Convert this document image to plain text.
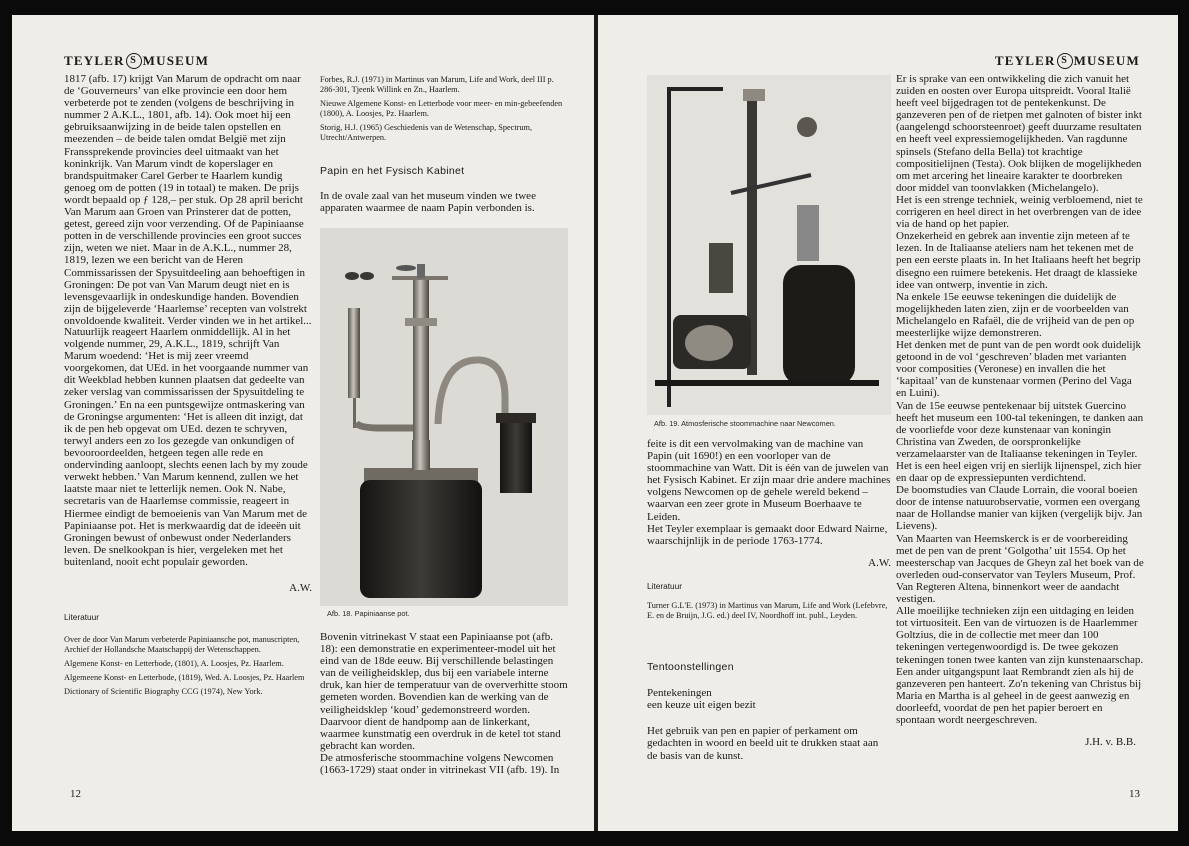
TEYLER S MUSEUM

1817 (afb. 17) krijgt Van Marum de opdracht om naar de ‘Gouverneurs’ van elke provincie een door hem verbeterde pot te zenden (volgens de beschrijving in nummer 2 A.K.L., 1801, afb. 14). Ook moet hij een gebruiksaanwijzing in de beide talen opstellen en meezenden – de beide talen omdat België met zijn Franssprekende provincies deel uitmaakt van het koninkrijk. Van Marum vindt de koperslager en brandspuitmaker Carel Gerber te Haarlem kundig genoeg om de potten (19 in totaal) te maken. De prijs wordt bepaald op ƒ 128,– per stuk. Op 28 april bericht Van Marum aan Groen van Prinsterer dat de potten, getest, gereed zijn voor verzending. Of de Papiniaanse potten in de verschillende provincies een groot succes zijn, weten we niet. Maar in de A.K.L., nummer 28, 1819, lezen we een bericht van de Heren Commissarissen der Spysuitdeeling aan behoeftigen in Groningen: De pot van Van Marum deugt niet en is levensgevaarlijk in ondeskundige handen. Bovendien zijn de bijgeleverde ‘Haarlemse’ recepten van volstrekt onvoldoende kwaliteit. Verder vinden we in het artikel...

Natuurlijk reageert Haarlem onmiddellijk. Al in het volgende nummer, 29, A.K.L., 1819, schrijft Van Marum woedend: ‘Het is mij zeer vreemd voorgekomen, dat UEd. in het voorgaande nummer van dit Weekblad hebben kunnen plaatsen dat gedeelte van zeker verslag van commissarissen der Spysuitdeling te Groningen.’ En na een puntsgewijze ontmaskering van de Groningse argumenten: ‘Het is alleen dit inzigt, dat ik de pen heb opgevat om UEd. dezen te schryven, terwyl anders een zo los gezegde van onkundigen of bevooroordeelden, hetgeen tegen alle rede en ondervinding aanloopt, slechts eenen lach by my zoude verwekt hebben.’ Van Marum kennend, zullen we het laatste maar niet te letterlijk nemen. Ook N. Nabe, secretaris van de Haarlemse commissie, reageert in

Hiermee eindigt de bemoeienis van Van Marum met de Papiniaanse pot. Het is merkwaardig dat de ideeën uit Groningen bewust of onbewust onder Nederlanders leven. De snelkookpan is hier, vergeleken met het buitenland, nooit echt populair geworden.

A.W.

Literatuur

Over de door Van Marum verbeterde Papiniaansche pot, manuscripten, Archief der Hollandsche Maatschappij der Wetenschappen.

Algemene Konst- en Letterbode, (1801), A. Loosjes, Pz. Haarlem.

Algemeene Konst- en Letterbode, (1819), Wed. A. Loosjes, Pz. Haarlem

Dictionary of Scientific Biography CCG (1974), New York.

Forbes, R.J. (1971) in Martinus van Marum, Life and Work, deel III p. 286-301, Tjeenk Willink en Zn., Haarlem.

Nieuwe Algemene Konst- en Letterbode voor meer- en min-gebeefenden (1800), A. Loosjes, Pz. Haarlem.

Storig, H.J. (1965) Geschiedenis van de Wetenschap, Spectrum, Utrecht/Antwerpen.

Papin en het Fysisch Kabinet

In de ovale zaal van het museum vinden we twee apparaten waarmee de naam Papin verbonden is.

Afb. 18. Papiniaanse pot.

Bovenin vitrinekast V staat een Papiniaanse pot (afb. 18): een demonstratie en experimenteer-model uit het eind van de 18de eeuw. Bij verschillende belastingen van de veiligheidsklep, dus bij een variabele interne druk, kan hier de temperatuur van de oververhitte stoom gemeten worden. Bovendien kan de werking van de veiligheidsklep ‘koud’ gedemonstreerd worden. Daarvoor dient de handpomp aan de linkerkant, waarmee kunstmatig een overdruk in de ketel tot stand gebracht kan worden.

De atmosferische stoommachine volgens Newcomen (1663-1729) staat onder in vitrinekast VII (afb. 19). In

12
TEYLER S MUSEUM
Afb. 19. Atmosferische stoommachine naar Newcomen.

feite is dit een vervolmaking van de machine van Papin (uit 1690!) en een voorloper van de stoommachine van Watt. Dit is één van de juwelen van het Fysisch Kabinet. Er zijn maar drie andere machines volgens Newcomen op de gehele wereld bekend – waarvan een zeer grote in Museum Boerhaave te Leiden.

Het Teyler exemplaar is gemaakt door Edward Nairne, waarschijnlijk in de periode 1763-1774.

A.W.

Literatuur

Turner G.L'E. (1973) in Martinus van Marum, Life and Work (Lefebvre, E. en de Bruijn, J.G. ed.) deel IV, Noordhoff int. publ., Leyden.

Tentoonstellingen

Pentekeningen

een keuze uit eigen bezit

Het gebruik van pen en papier of perkament om gedachten in woord en beeld uit te drukken staat aan de basis van de kunst.

Er is sprake van een ontwikkeling die zich vanuit het zuiden en oosten over Europa uitspreidt. Vooral Italië heeft veel bijgedragen tot de pentekenkunst. De ganzeveren pen of de rietpen met galnoten of bister inkt (aangelengd schoorsteenroet) geeft duurzame resultaten en heeft veel expressiemogelijkheden. Van ragdunne spinsels (Stefano della Bella) tot krachtige compositielijnen (Testa). Ook blijken de mogelijkheden om met arcering het lineaire karakter te doorbreken door middel van toonvlakken (Michelangelo).

Het is een strenge techniek, weinig verbloemend, niet te corrigeren en heel direct in het overbrengen van de idee via de hand op het papier.

Onzekerheid en gebrek aan inventie zijn meteen af te lezen. In de Italiaanse ateliers nam het tekenen met de pen een eerste plaats in. In het Italiaans heeft het begrip disegno een ruimere betekenis. Het draagt de klassieke idee van ontwerp, inventie in zich.

Na enkele 15e eeuwse tekeningen die duidelijk de mogelijkheden laten zien, zijn er de voorbeelden van Michelangelo en Rafaël, die de vrijheid van de pen op meesterlijke wijze demonstreren.

Het denken met de punt van de pen wordt ook duidelijk getoond in de vol ‘geschreven’ bladen met varianten voor composities (Veronese) en invallen die het ‘kapitaal’ van de kunstenaar vormen (Perino del Vaga en Luini).

Van de 15e eeuwse pentekenaar bij uitstek Guercino heeft het museum een 100-tal tekeningen, te danken aan de voorliefde voor deze kunstenaar van koningin Christina van Zweden, de oorspronkelijke verzamelaarster van de Italiaanse tekeningen in Teyler.

Het is een heel eigen vrij en sierlijk lijnenspel, zich hier en daar op de expressiepunten verdichtend.

De boomstudies van Claude Lorrain, die vooral boeien door de intense natuurobservatie, vormen een overgang naar de Hollandse manier van kijken (vergelijk bijv. Jan Lievens).

Van Maarten van Heemskerck is er de voorbereiding met de pen van de prent ‘Golgotha’ uit 1554. Op het meesterschap van Jacques de Gheyn zal het boek van de overleden oud-conservator van Teylers Museum, Prof. Van Regteren Altena, binnenkort weer de aandacht vestigen.

Alle moeilijke technieken zijn een uitdaging en leiden tot virtuositeit. Een van de virtuozen is de Haarlemmer Goltzius, die in de collectie met meer dan 100 tekeningen vertegenwoordigd is. De twee gekozen tekeningen tonen twee kanten van zijn kunstenaarschap. Een ander uitgangspunt laat Rembrandt zien als hij de ganzeveren pen hanteert. Zo'n tekening van Christus bij Maria en Martha is al geheel in de geest aanwezig en doorleefd, voordat de pen het papier beroert en spontaan wordt neergeschreven.

J.H. v. B.B.

13
